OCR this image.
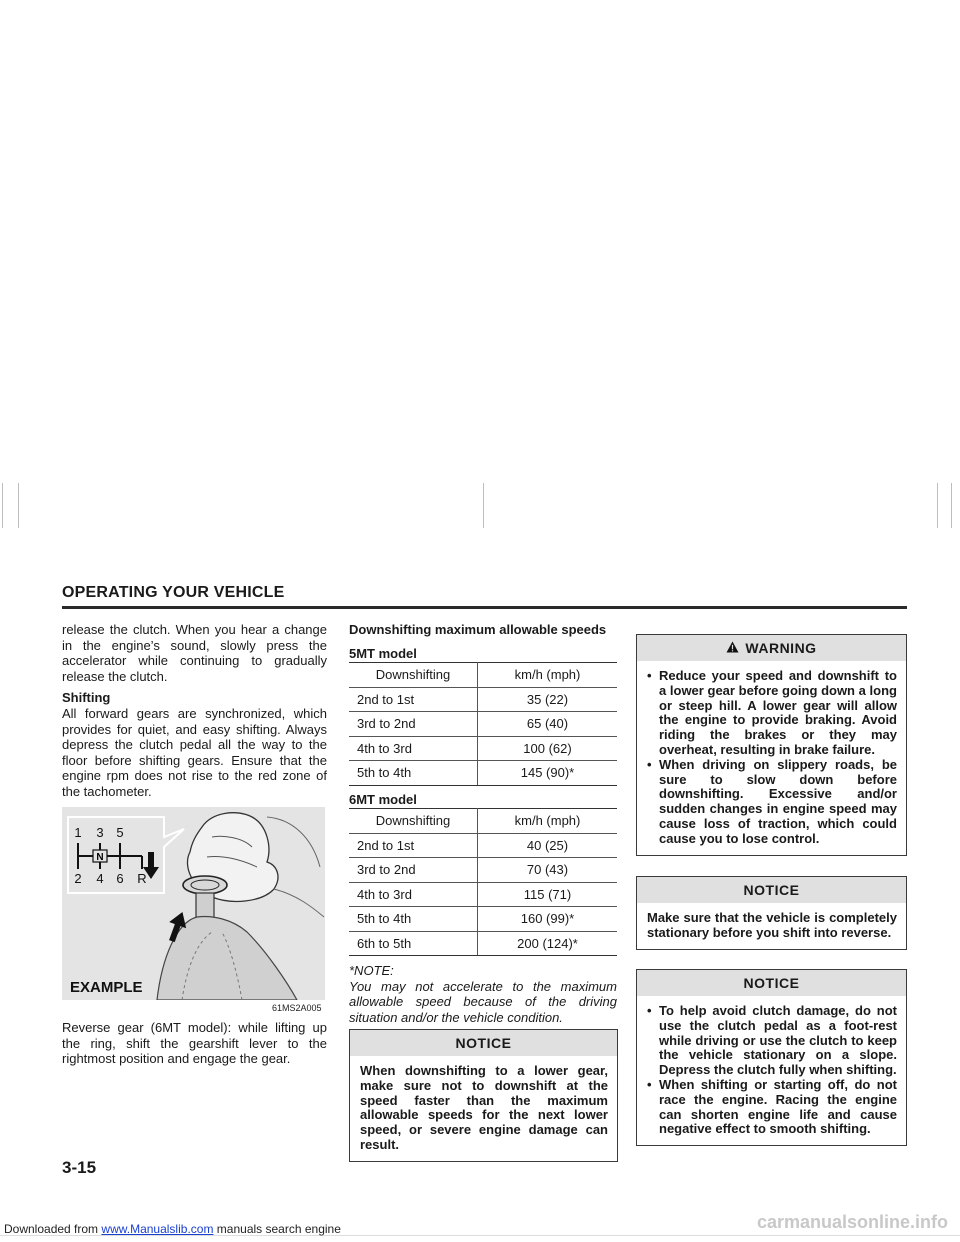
OPERATING YOUR VEHICLE

release the clutch. When you hear a change in the engine’s sound, slowly press the accelerator while continuing to gradually release the clutch.

Shifting
All forward gears are synchronized, which provides for quiet, and easy shifting. Always depress the clutch pedal all the way to the floor before shifting gears. Ensure that the engine rpm does not rise to the red zone of the tachometer.

N
1 3 5
2 4 6 R
EXAMPLE
61MS2A005

Reverse gear (6MT model): while lifting up the ring, shift the gearshift lever to the rightmost position and engage the gear.

Downshifting maximum allowable speeds
5MT model
Downshifting	km/h (mph)
2nd to 1st	35 (22)
3rd to 2nd	65 (40)
4th to 3rd	100 (62)
5th to 4th	145 (90)*
6MT model
Downshifting	km/h (mph)
2nd to 1st	40 (25)
3rd to 2nd	70 (43)
4th to 3rd	115 (71)
5th to 4th	160 (99)*
6th to 5th	200 (124)*
*NOTE:
You may not accelerate to the maximum allowable speed because of the driving situation and/or the vehicle condition.
NOTICE
When downshifting to a lower gear, make sure not to downshift at the speed faster than the maximum allowable speeds for the next lower speed, or severe engine damage can result.
WARNING
• Reduce your speed and downshift to a lower gear before going down a long or steep hill. A lower gear will allow the engine to provide braking. Avoid riding the brakes or they may overheat, resulting in brake failure.
• When driving on slippery roads, be sure to slow down before downshifting. Excessive and/or sudden changes in engine speed may cause loss of traction, which could cause you to lose control.
NOTICE
Make sure that the vehicle is completely stationary before you shift into reverse.
NOTICE
• To help avoid clutch damage, do not use the clutch pedal as a foot-rest while driving or use the clutch to keep the vehicle stationary on a slope. Depress the clutch fully when shifting.
• When shifting or starting off, do not race the engine. Racing the engine can shorten engine life and cause negative effect to smooth shifting.
3-15
Downloaded from www.Manualslib.com manuals search engine	carmanualsonline.info
